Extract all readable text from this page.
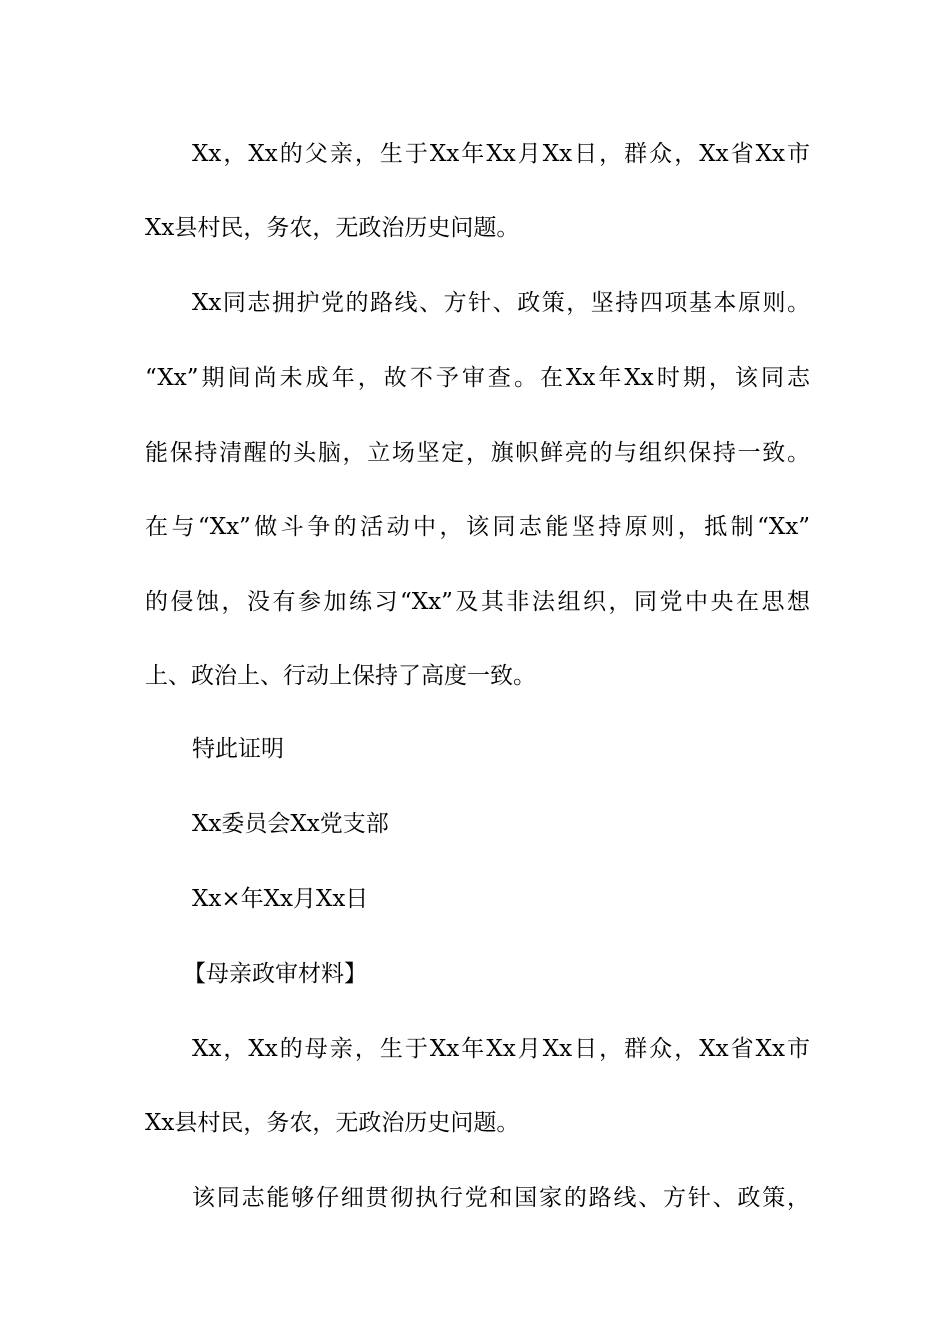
Xx，Xx的父亲，生于Xx年Xx月Xx日，群众，Xx省Xx市
Xx县村民，务农，无政治历史问题。
Xx同志拥护党的路线、方针、政策，坚持四项基本原则。
“Xx”期间尚未成年，故不予审查。在Xx年Xx时期，该同志
能保持清醒的头脑，立场坚定，旗帜鲜亮的与组织保持一致。
在与“Xx”做斗争的活动中，该同志能坚持原则，抵制“Xx”
的侵蚀，没有参加练习“Xx”及其非法组织，同党中央在思想
上、政治上、行动上保持了高度一致。
特此证明
Xx委员会Xx党支部
Xx×年Xx月Xx日
【母亲政审材料】
Xx，Xx的母亲，生于Xx年Xx月Xx日，群众，Xx省Xx市
Xx县村民，务农，无政治历史问题。
该同志能够仔细贯彻执行党和国家的路线、方针、政策，
